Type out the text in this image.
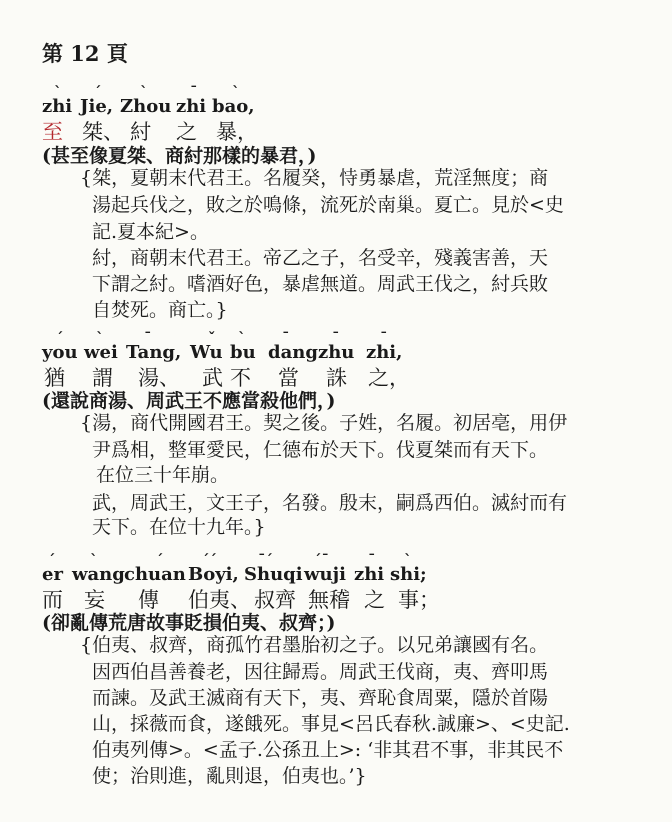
第 12 頁
ˋ
zhi
ˊ
Jie,
ˋ
Zhou
ˉ
zhi
ˋ
bao,
至 桀、 紂 之 暴，
(甚至像夏桀、商紂那樣的暴君，)
{桀，夏朝末代君王。名履癸，恃勇暴虐，荒淫無度；商
湯起兵伐之，敗之於鳴條，流死於南巢。夏亡。見於<史
記.夏本紀>。
紂，商朝末代君王。帝乙之子，名受辛，殘義害善，天
下謂之紂。嗜酒好色，暴虐無道。周武王伐之，紂兵敗
自焚死。商亡。}
ˊ
you
ˋ
wei
ˉ
Tang,
ˇ
Wu
ˋ
bu
ˉ
dang
ˉ
zhu
ˉ
zhi,
猶 謂 湯、 武 不 當 誅 之，
(還說商湯、周武王不應當殺他們，)
{湯，商代開國君王。契之後。子姓，名履。初居亳，用伊
尹爲相，整軍愛民，仁德布於天下。伐夏桀而有天下。
在位三十年崩。
武，周武王，文王子，名發。殷末，嗣爲西伯。滅紂而有
天下。在位十九年。}
ˊ
er
ˋ
wang
ˊ
chuan
ˊˊ
Boyi,
ˉˊ
Shuqi
ˊˉ
wuji
ˉ
zhi
ˋ
shi;
而 妄 傳 伯夷、 叔齊 無稽 之 事；
(卻亂傳荒唐故事貶損伯夷、叔齊；)
{伯夷、叔齊，商孤竹君墨胎初之子。以兄弟讓國有名。
因西伯昌善養老，因往歸焉。周武王伐商，夷、齊叩馬
而諫。及武王滅商有天下，夷、齊恥食周粟，隱於首陽
山，採薇而食，遂餓死。事見<呂氏春秋.誠廉>、<史記.
伯夷列傳>。<孟子.公孫丑上>: ‘非其君不事，非其民不
使；治則進，亂則退，伯夷也。’}
